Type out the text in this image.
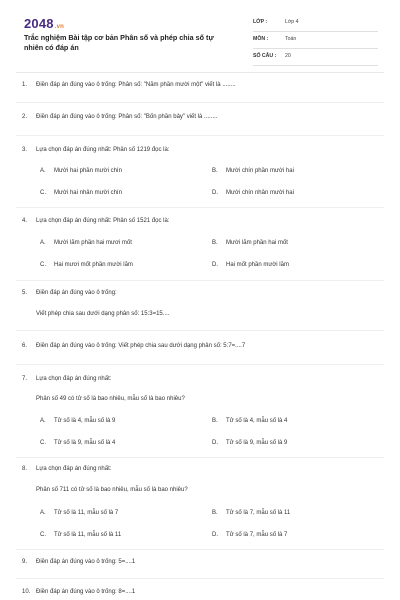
2048.vn
Trắc nghiệm Bài tập cơ bản Phân số và phép chia số tự nhiên có đáp án
LỚP :	Lớp 4
MÔN :	Toán
SỐ CÂU : 20
1. Điền đáp án đúng vào ô trống: Phân số: "Năm phần mười một" viết là ........
2. Điền đáp án đúng vào ô trống: Phân số: "Bốn phần bảy" viết là ........
3. Lựa chọn đáp án đúng nhất: Phân số 1219 đọc là:
A. Mười hai phần mười chín	B. Mười chín phần mười hai
C. Mười hai nhân mười chín	D. Mười chín nhân mười hai
4. Lựa chọn đáp án đúng nhất: Phân số 1521 đọc là:
A. Mười lăm phần hai mươi mốt	B. Mười lăm phần hai mốt
C. Hai mươi mốt phần mười lăm	D. Hai mốt phần mười lăm
5. Điền đáp án đúng vào ô trống:
Viết phép chia sau dưới dạng phân số: 15:3=15....
6. Điền đáp án đúng vào ô trống: Viết phép chia sau dưới dạng phân số: 5:7=....7
7. Lựa chọn đáp án đúng nhất:
Phân số 49 có tử số là bao nhiêu, mẫu số là bao nhiêu?
A. Tử số là 4, mẫu số là 9	B. Tử số là 4, mẫu số là 4
C. Tử số là 9, mẫu số là 4	D. Tử số là 9, mẫu số là 9
8. Lựa chọn đáp án đúng nhất:
Phân số 711 có tử số là bao nhiêu, mẫu số là bao nhiêu?
A. Tử số là 11, mẫu số là 7	B. Tử số là 7, mẫu số là 11
C. Tử số là 11, mẫu số là 11	D. Tử số là 7, mẫu số là 7
9. Điền đáp án đúng vào ô trống: 5=....1
10. Điền đáp án đúng vào ô trống: 8=....1
